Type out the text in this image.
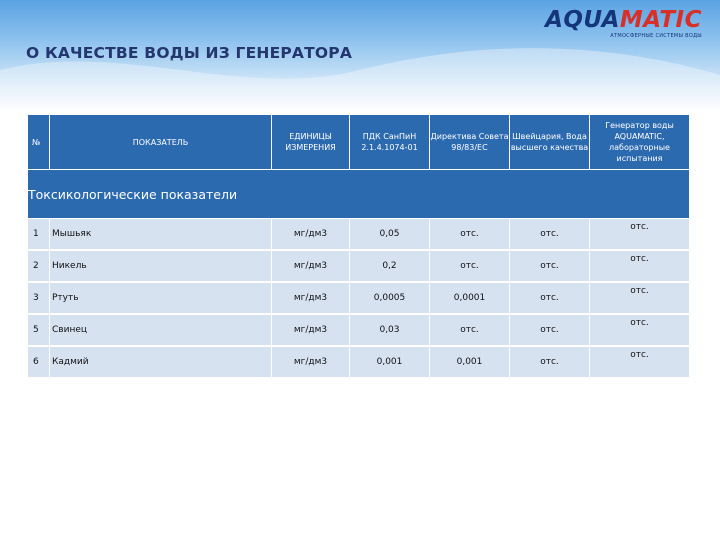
AQUAMATIC
АТМОСФЕРНЫЕ СИСТЕМЫ ВОДЫ
О КАЧЕСТВЕ ВОДЫ ИЗ ГЕНЕРАТОРА
№	ПОКАЗАТЕЛЬ	ЕДИНИЦЫ ИЗМЕРЕНИЯ	ПДК СанПиН 2.1.4.1074-01	Директива Совета 98/83/ЕС	Швейцария, Вода высшего качества	Генератор воды AQUAMATIC, лабораторные испытания
Токсикологические показатели						
1	Мышьяк	мг/дм3	0,05	отс.	отс.	отс.
2	Никель	мг/дм3	0,2	отс.	отс.	отс.
3	Ртуть	мг/дм3	0,0005	0,0001	отс.	отс.
5	Свинец	мг/дм3	0,03	отс.	отс.	отс.
6	Кадмий	мг/дм3	0,001	0,001	отс.	отс.
